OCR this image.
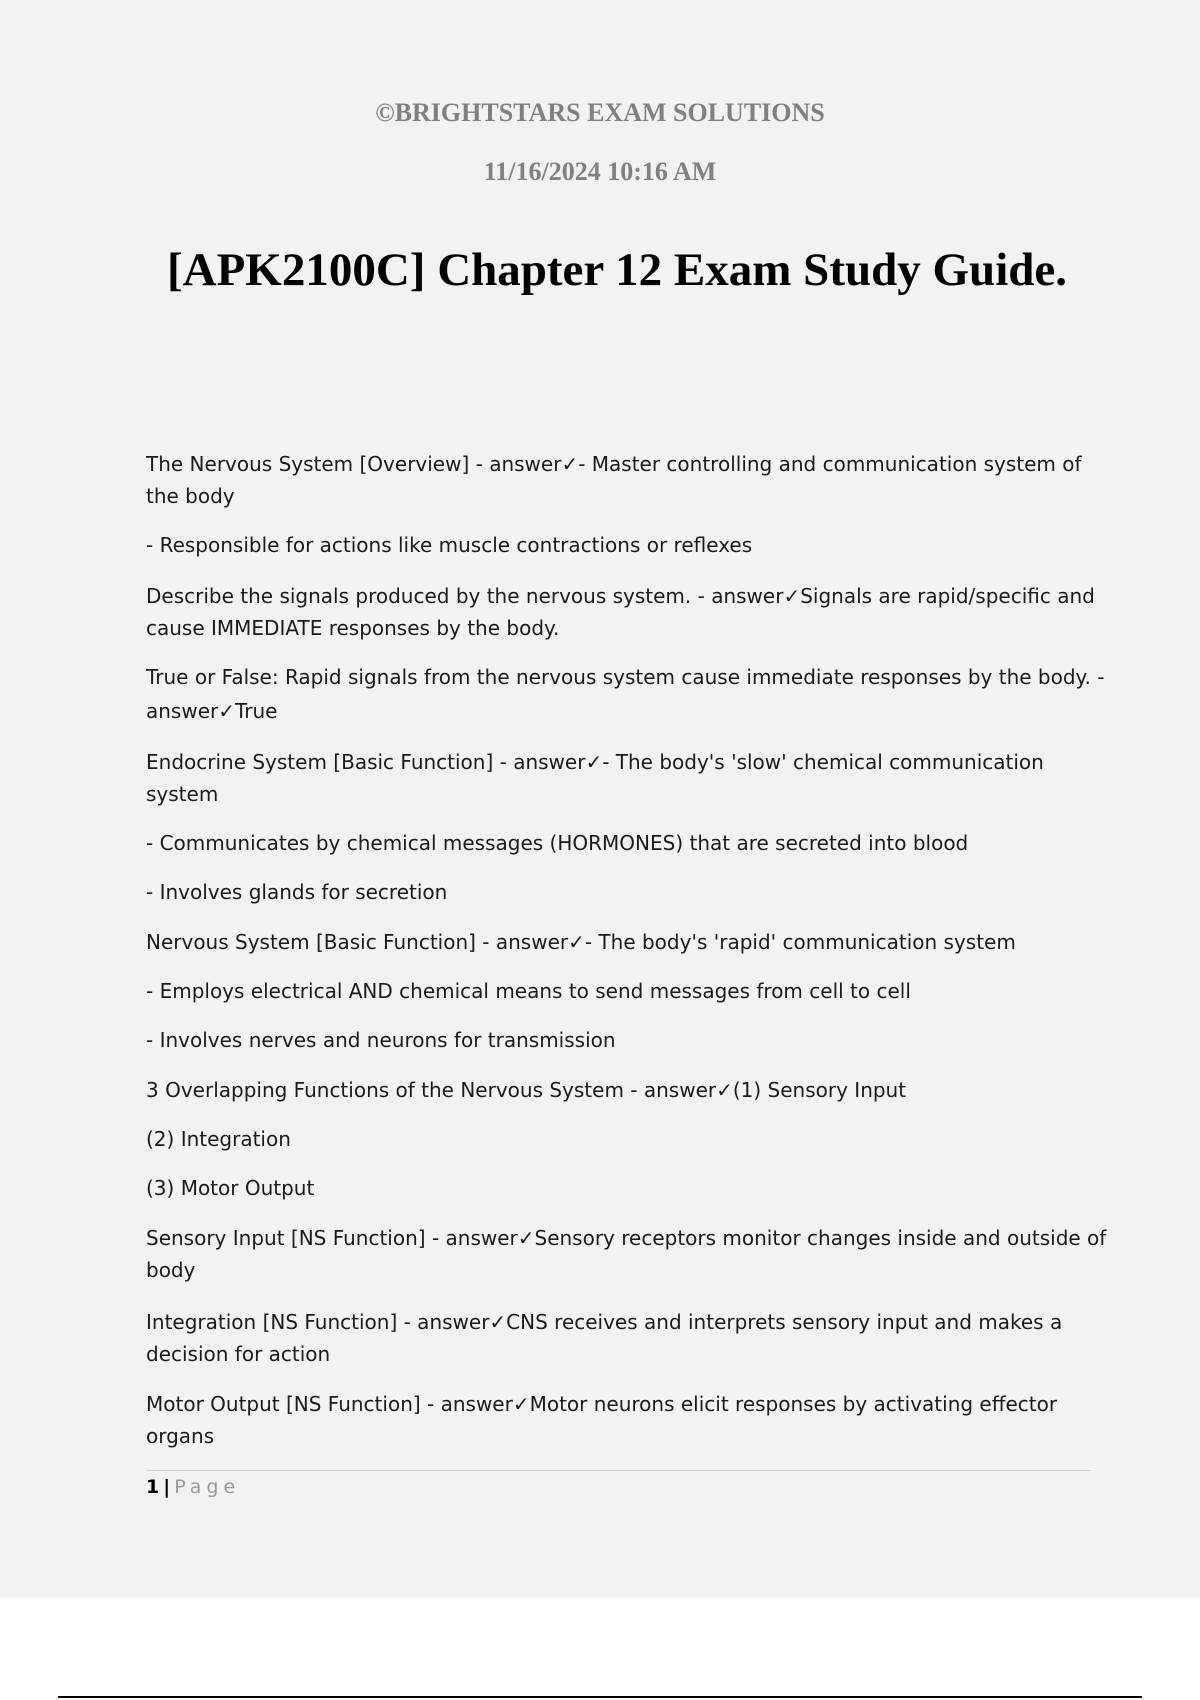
©BRIGHTSTARS EXAM SOLUTIONS
11/16/2024 10:16 AM
[APK2100C] Chapter 12 Exam Study Guide.
The Nervous System [Overview] - answer✓- Master controlling and communication system of
the body
- Responsible for actions like muscle contractions or reflexes
Describe the signals produced by the nervous system. - answer✓Signals are rapid/specific and
cause IMMEDIATE responses by the body.
True or False: Rapid signals from the nervous system cause immediate responses by the body. -
answer✓True
Endocrine System [Basic Function] - answer✓- The body's 'slow' chemical communication
system
- Communicates by chemical messages (HORMONES) that are secreted into blood
- Involves glands for secretion
Nervous System [Basic Function] - answer✓- The body's 'rapid' communication system
- Employs electrical AND chemical means to send messages from cell to cell
- Involves nerves and neurons for transmission
3 Overlapping Functions of the Nervous System - answer✓(1) Sensory Input
(2) Integration
(3) Motor Output
Sensory Input [NS Function] - answer✓Sensory receptors monitor changes inside and outside of
body
Integration [NS Function] - answer✓CNS receives and interprets sensory input and makes a
decision for action
Motor Output [NS Function] - answer✓Motor neurons elicit responses by activating effector
organs
1 | Page
